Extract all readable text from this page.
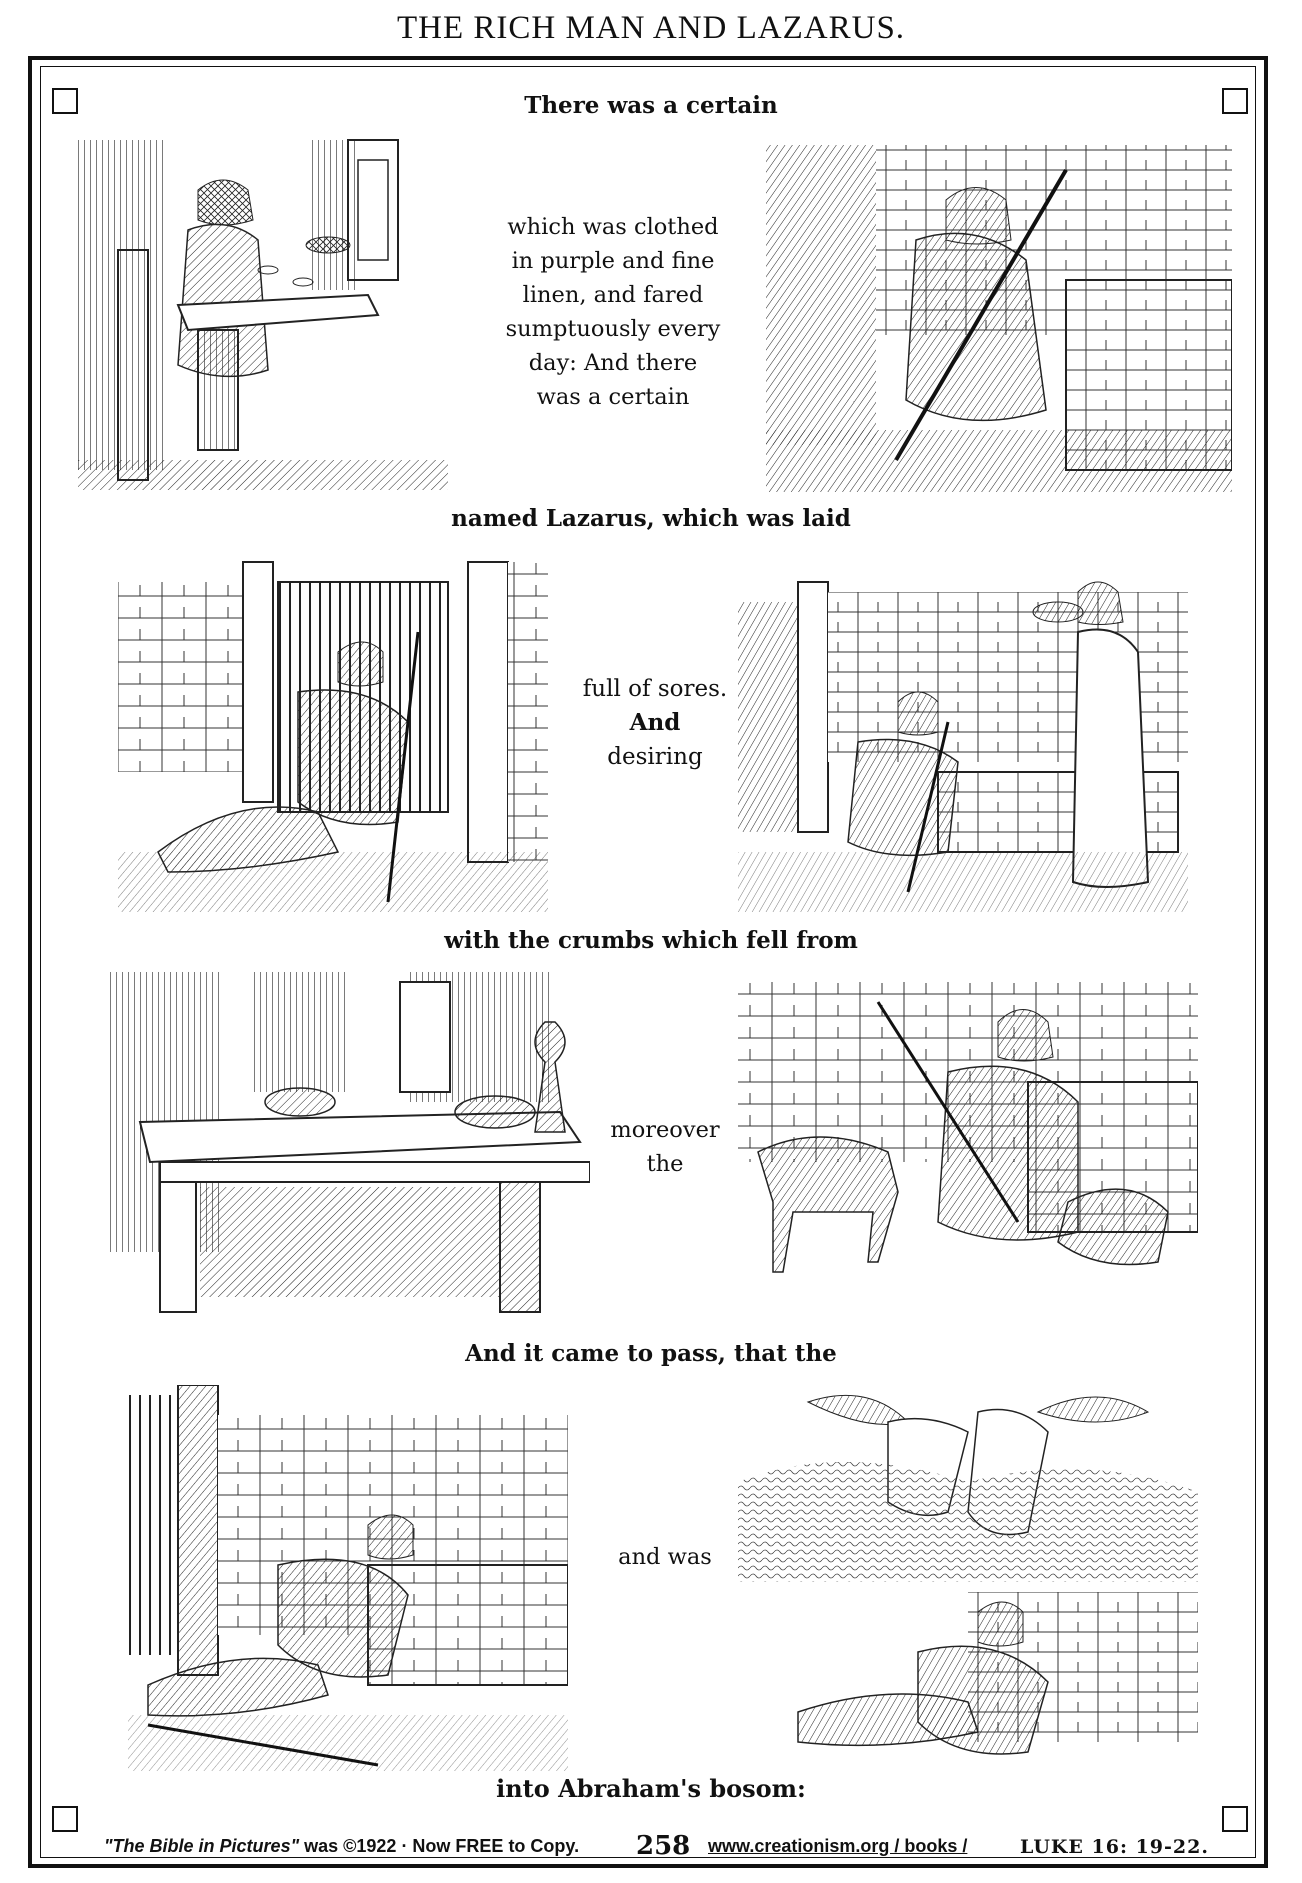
THE RICH MAN AND LAZARUS.
There was a certain
which was clothed
in purple and fine
linen, and fared
sumptuously every
day: And there
was a certain
named Lazarus, which was laid
full of sores.
And
desiring
with the crumbs which fell from
moreover
the
And it came to pass, that the
and was
into Abraham's bosom:
"The Bible in Pictures" was ©1922 · Now FREE to Copy. 258 www.creationism.org / books /	LUKE 16: 19-22.
